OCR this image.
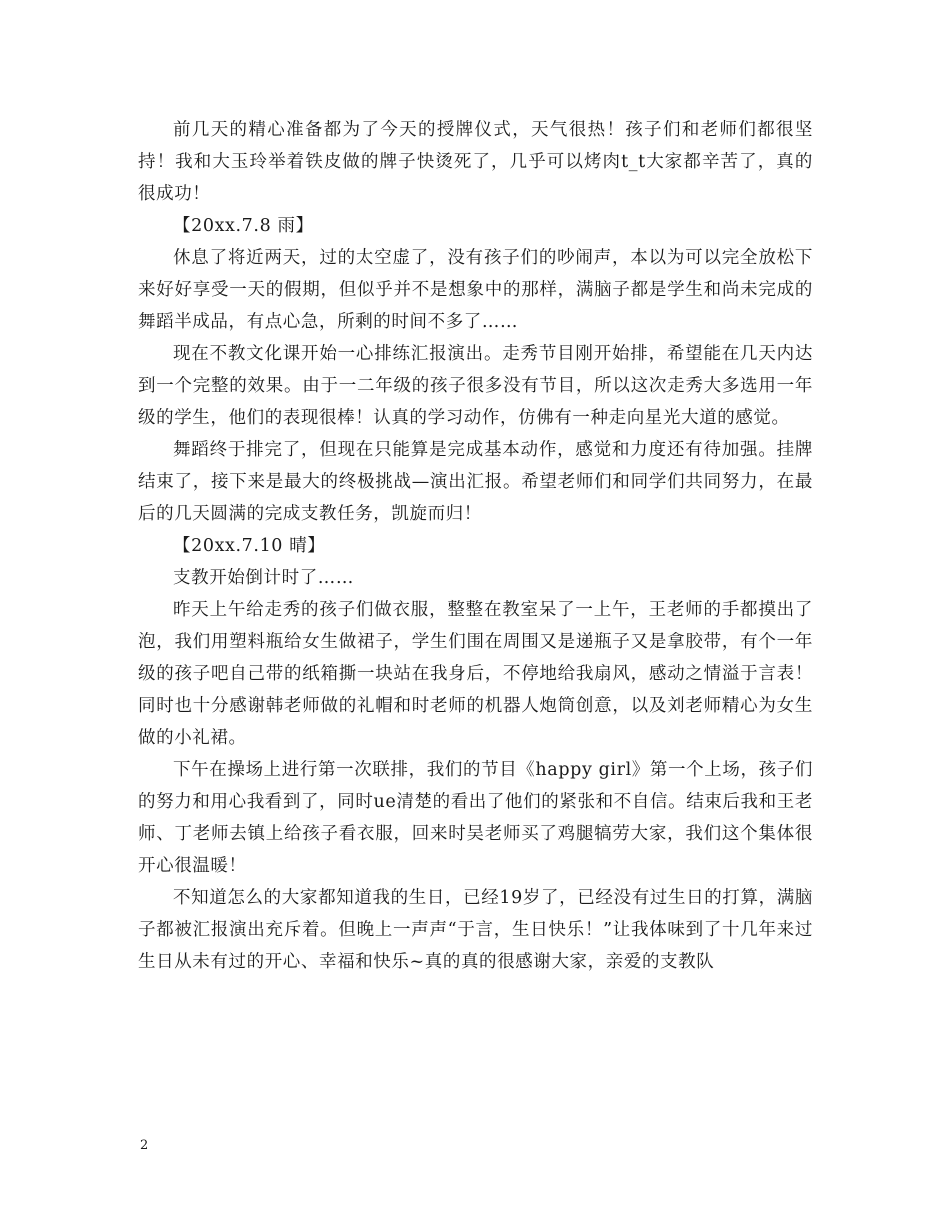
前几天的精心准备都为了今天的授牌仪式，天气很热！孩子们和老师们都很坚持！我和大玉玲举着铁皮做的牌子快烫死了，几乎可以烤肉t_t大家都辛苦了，真的很成功！

【20xx.7.8 雨】

休息了将近两天，过的太空虚了，没有孩子们的吵闹声，本以为可以完全放松下来好好享受一天的假期，但似乎并不是想象中的那样，满脑子都是学生和尚未完成的舞蹈半成品，有点心急，所剩的时间不多了……

现在不教文化课开始一心排练汇报演出。走秀节目刚开始排，希望能在几天内达到一个完整的效果。由于一二年级的孩子很多没有节目，所以这次走秀大多选用一年级的学生，他们的表现很棒！认真的学习动作，仿佛有一种走向星光大道的感觉。

舞蹈终于排完了，但现在只能算是完成基本动作，感觉和力度还有待加强。挂牌结束了，接下来是最大的终极挑战—演出汇报。希望老师们和同学们共同努力，在最后的几天圆满的完成支教任务，凯旋而归！

【20xx.7.10 晴】

支教开始倒计时了……

昨天上午给走秀的孩子们做衣服，整整在教室呆了一上午，王老师的手都摸出了泡，我们用塑料瓶给女生做裙子，学生们围在周围又是递瓶子又是拿胶带，有个一年级的孩子吧自己带的纸箱撕一块站在我身后，不停地给我扇风，感动之情溢于言表！同时也十分感谢韩老师做的礼帽和时老师的机器人炮筒创意，以及刘老师精心为女生做的小礼裙。

下午在操场上进行第一次联排，我们的节目《happy girl》第一个上场，孩子们的努力和用心我看到了，同时ue清楚的看出了他们的紧张和不自信。结束后我和王老师、丁老师去镇上给孩子看衣服，回来时吴老师买了鸡腿犒劳大家，我们这个集体很开心很温暖！

不知道怎么的大家都知道我的生日，已经19岁了，已经没有过生日的打算，满脑子都被汇报演出充斥着。但晚上一声声“于言，生日快乐！”让我体味到了十几年来过生日从未有过的开心、幸福和快乐~真的真的很感谢大家，亲爱的支教队

2
